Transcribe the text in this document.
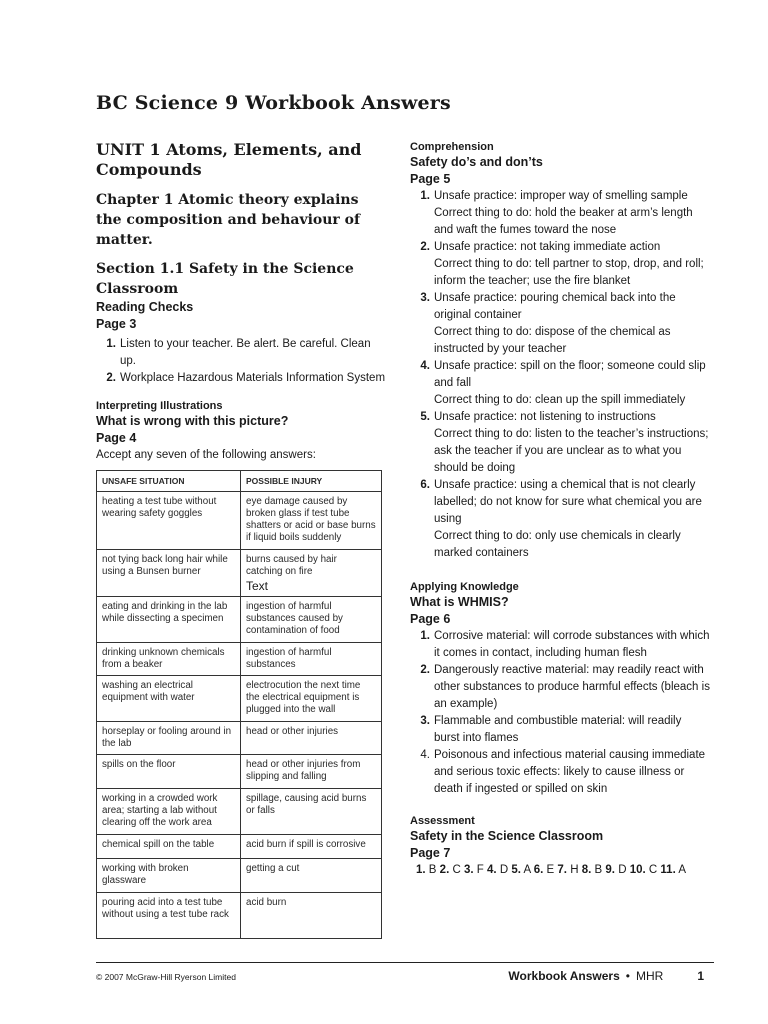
BC Science 9 Workbook Answers
UNIT 1 Atoms, Elements, and Compounds
Chapter 1 Atomic theory explains the composition and behaviour of matter.
Section 1.1 Safety in the Science Classroom
Reading Checks
Page 3
1. Listen to your teacher. Be alert. Be careful. Clean up.
2. Workplace Hazardous Materials Information System
Interpreting Illustrations
What is wrong with this picture?
Page 4
Accept any seven of the following answers:
UNSAFE SITUATION	POSSIBLE INJURY
heating a test tube without wearing safety goggles	eye damage caused by broken glass if test tube shatters or acid or base burns if liquid boils suddenly
not tying back long hair while using a Bunsen burner	burns caused by hair catching on fire
Text

eating and drinking in the lab while dissecting a specimen	ingestion of harmful substances caused by contamination of food
drinking unknown chemicals from a beaker	ingestion of harmful substances
washing an electrical equipment with water	electrocution the next time the electrical equipment is plugged into the wall
horseplay or fooling around in the lab	head or other injuries
spills on the floor	head or other injuries from slipping and falling
working in a crowded work area; starting a lab without clearing off the work area	spillage, causing acid burns or falls
chemical spill on the table	acid burn if spill is corrosive
working with broken glassware	getting a cut
pouring acid into a test tube without using a test tube rack	acid burn
Comprehension
Safety do’s and don’ts
Page 5
1. Unsafe practice: improper way of smelling sample
Correct thing to do: hold the beaker at arm’s length and waft the fumes toward the nose
2. Unsafe practice: not taking immediate action
Correct thing to do: tell partner to stop, drop, and roll; inform the teacher; use the fire blanket
3. Unsafe practice: pouring chemical back into the original container
Correct thing to do: dispose of the chemical as instructed by your teacher
4. Unsafe practice: spill on the floor; someone could slip and fall
Correct thing to do: clean up the spill immediately
5. Unsafe practice: not listening to instructions
Correct thing to do: listen to the teacher’s instructions; ask the teacher if you are unclear as to what you should be doing
6. Unsafe practice: using a chemical that is not clearly labelled; do not know for sure what chemical you are using
Correct thing to do: only use chemicals in clearly marked containers
Applying Knowledge
What is WHMIS?
Page 6
1. Corrosive material: will corrode substances with which it comes in contact, including human flesh
2. Dangerously reactive material: may readily react with other substances to produce harmful effects (bleach is an example)
3. Flammable and combustible material: will readily burst into flames
4. Poisonous and infectious material causing immediate and serious toxic effects: likely to cause illness or death if ingested or spilled on skin
Assessment
Safety in the Science Classroom
Page 7
1. B 2. C 3. F 4. D 5. A 6. E 7. H 8. B 9. D 10. C 11. A
© 2007 McGraw-Hill Ryerson Limited	Workbook Answers • MHR	1
